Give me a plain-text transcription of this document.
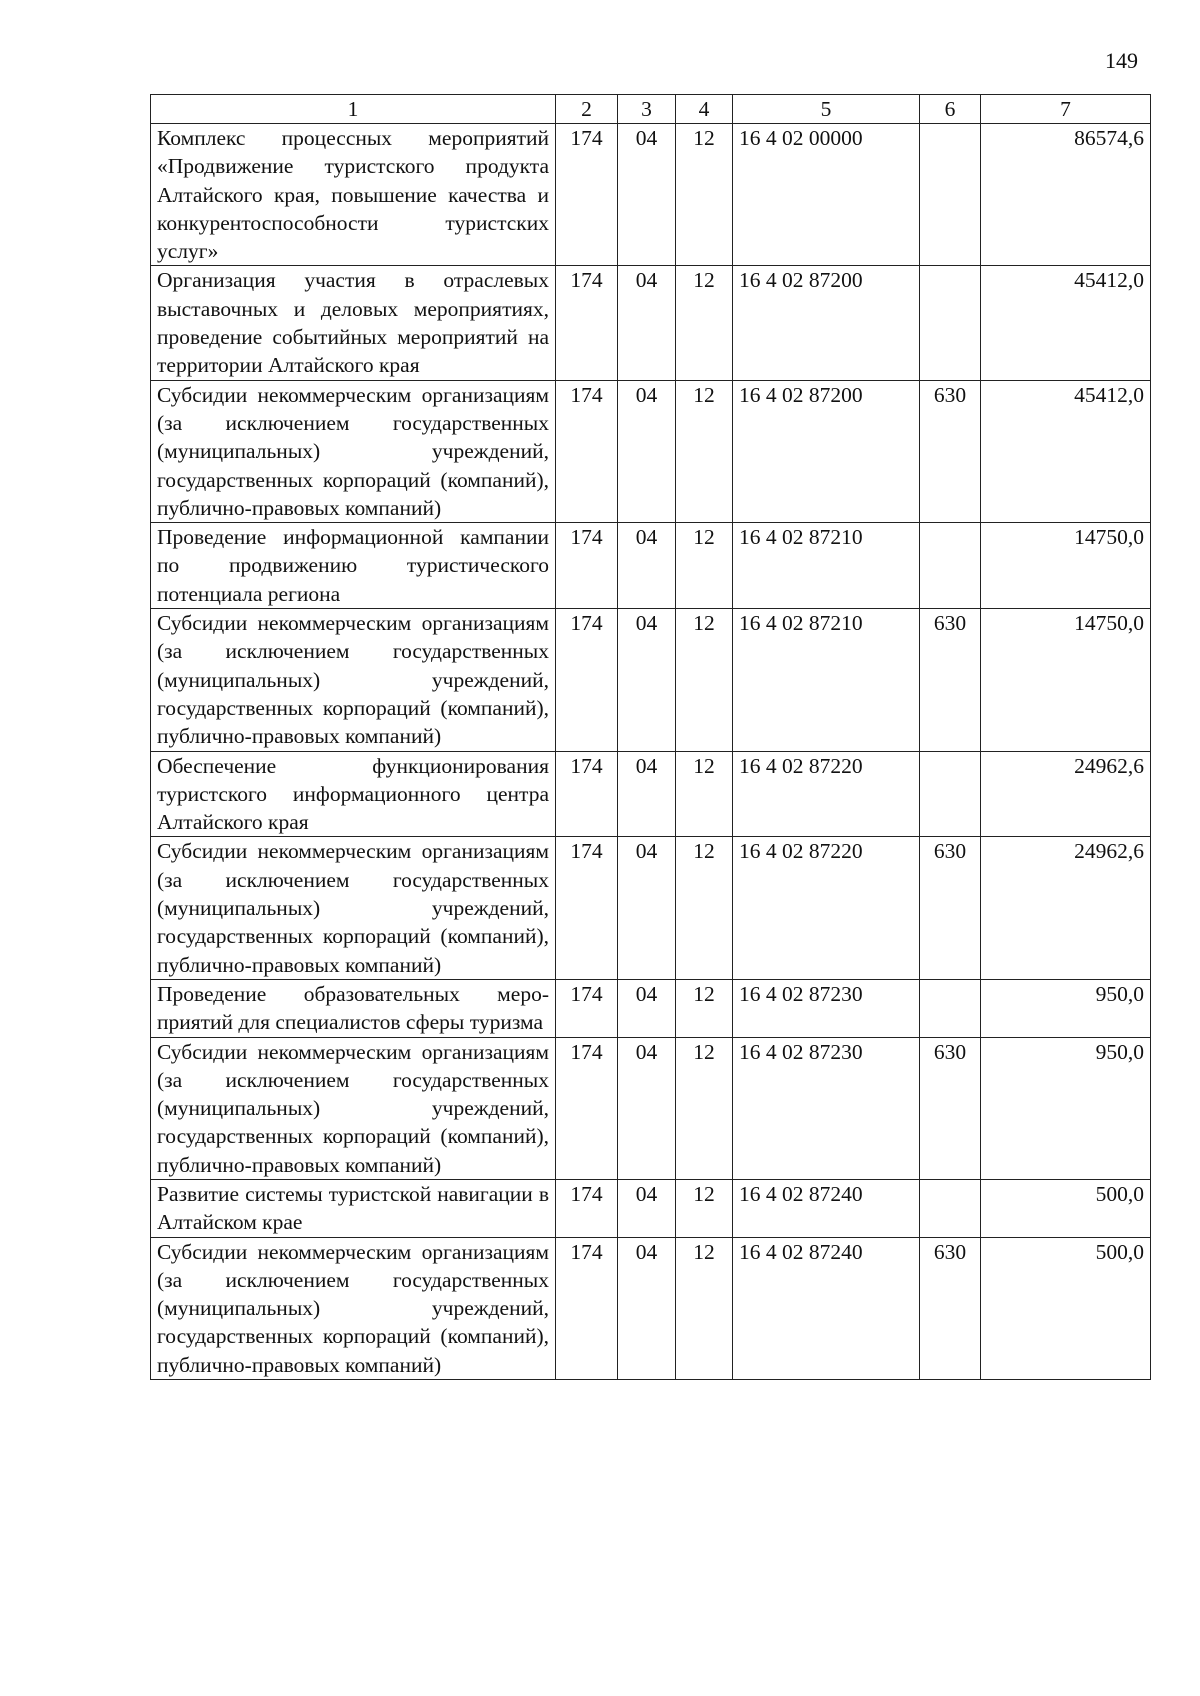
149
1	2	3	4	5	6	7
Комплекс процессных мероприятий «Продвижение туристского продукта Алтайского края, повышение качества и конкурентоспособности туристских услуг»	174	04	12	16 4 02 00000		86574,6
Организация участия в отраслевых выставочных и деловых мероприятиях, проведение событийных мероприятий на территории Алтайского края	174	04	12	16 4 02 87200		45412,0
Субсидии некоммерческим организациям (за исключением государственных (муниципальных) учреждений, государственных корпораций (компаний), публично-правовых компаний)	174	04	12	16 4 02 87200	630	45412,0
Проведение информационной кампании по продвижению туристического потенциала региона	174	04	12	16 4 02 87210		14750,0
Субсидии некоммерческим организациям (за исключением государственных (муниципальных) учреждений, государственных корпораций (компаний), публично-правовых компаний)	174	04	12	16 4 02 87210	630	14750,0
Обеспечение функционирования туристского информационного центра Алтайского края	174	04	12	16 4 02 87220		24962,6
Субсидии некоммерческим организациям (за исключением государственных (муниципальных) учреждений, государственных корпораций (компаний), публично-правовых компаний)	174	04	12	16 4 02 87220	630	24962,6
Проведение образовательных мероприятий для специалистов сферы туризма	174	04	12	16 4 02 87230		950,0
Субсидии некоммерческим организациям (за исключением государственных (муниципальных) учреждений, государственных корпораций (компаний), публично-правовых компаний)	174	04	12	16 4 02 87230	630	950,0
Развитие системы туристской навигации в Алтайском крае	174	04	12	16 4 02 87240		500,0
Субсидии некоммерческим организациям (за исключением государственных (муниципальных) учреждений, государственных корпораций (компаний), публично-правовых компаний)	174	04	12	16 4 02 87240	630	500,0
